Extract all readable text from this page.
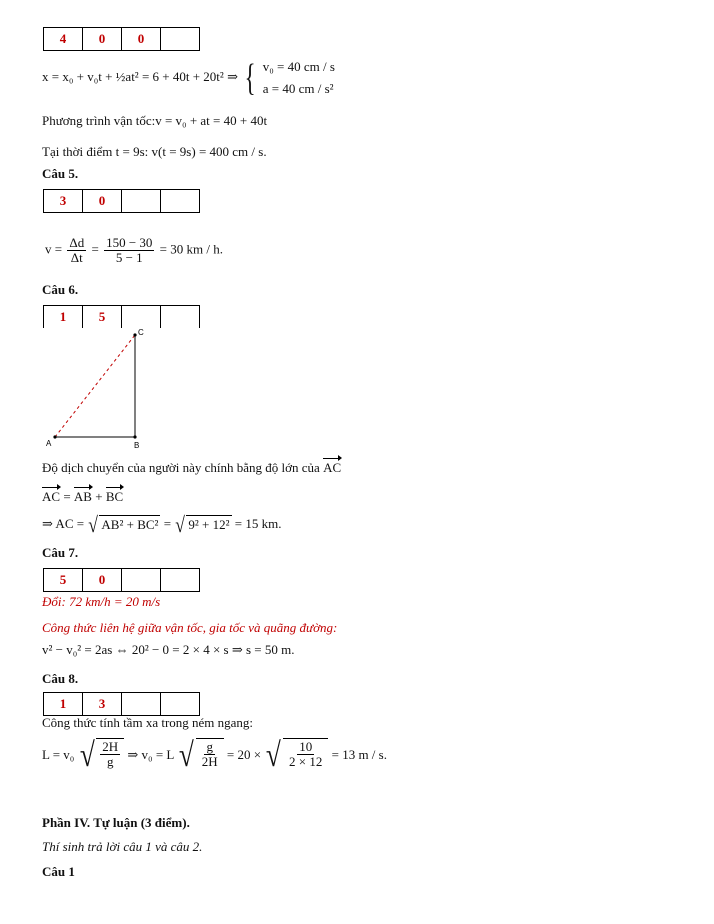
4	0	0
x = x₀ + v₀t + ½at² = 6 + 40t + 20t² ⇒ { v₀ = 40 cm / s
a = 40 cm / s²
Phương trình vận tốc:v = v₀ + at = 40 + 40t
Tại thời điểm t = 9s: v(t = 9s) = 400 cm / s.
Câu 5.
3	0
$v = \frac{\Delta d}{\Delta t} = \frac{150 - 30}{5 - 1} = 30$ km / h.
Câu 6.
1	5
A	B
C
Độ dịch chuyển của người này chính bằng độ lớn của AC
AC = AB + BC
⇒ AC = √ AB² + BC² = √ 9² + 12² = 15 km.
Câu 7.
5	0
Đổi: 72 km/h = 20 m/s
Công thức liên hệ giữa vận tốc, gia tốc và quãng đường:
v² − v₀² = 2as ⇔ 20² − 0 = 2 × 4 × s ⇒ s = 50 m.
Câu 8.
1	3
Công thức tính tầm xa trong ném ngang:
L = v₀ √ $\frac{2H}{g}$ ⇒ v₀ = L √ $\frac{g}{2H} = 20$ × √ $\frac{10}{2 \times 12} = 13$ m / s.
Phần IV. Tự luận (3 điểm).
Thí sinh trả lời câu 1 và câu 2.
Câu 1
